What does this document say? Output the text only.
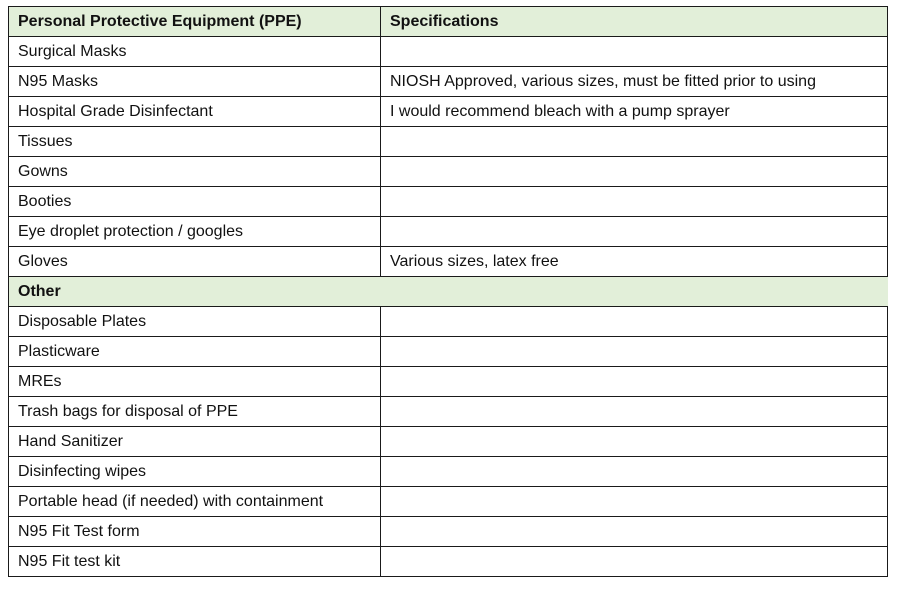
Personal Protective Equipment (PPE)	Specifications
Surgical Masks	
N95 Masks	NIOSH Approved, various sizes, must be fitted prior to using
Hospital Grade Disinfectant	I would recommend bleach with a pump sprayer
Tissues	
Gowns	
Booties	
Eye droplet protection / googles	
Gloves	Various sizes, latex free
Other	
Disposable Plates	
Plasticware	
MREs	
Trash bags for disposal of PPE	
Hand Sanitizer	
Disinfecting wipes	
Portable head (if needed) with containment	
N95 Fit Test form	
N95 Fit test kit	
